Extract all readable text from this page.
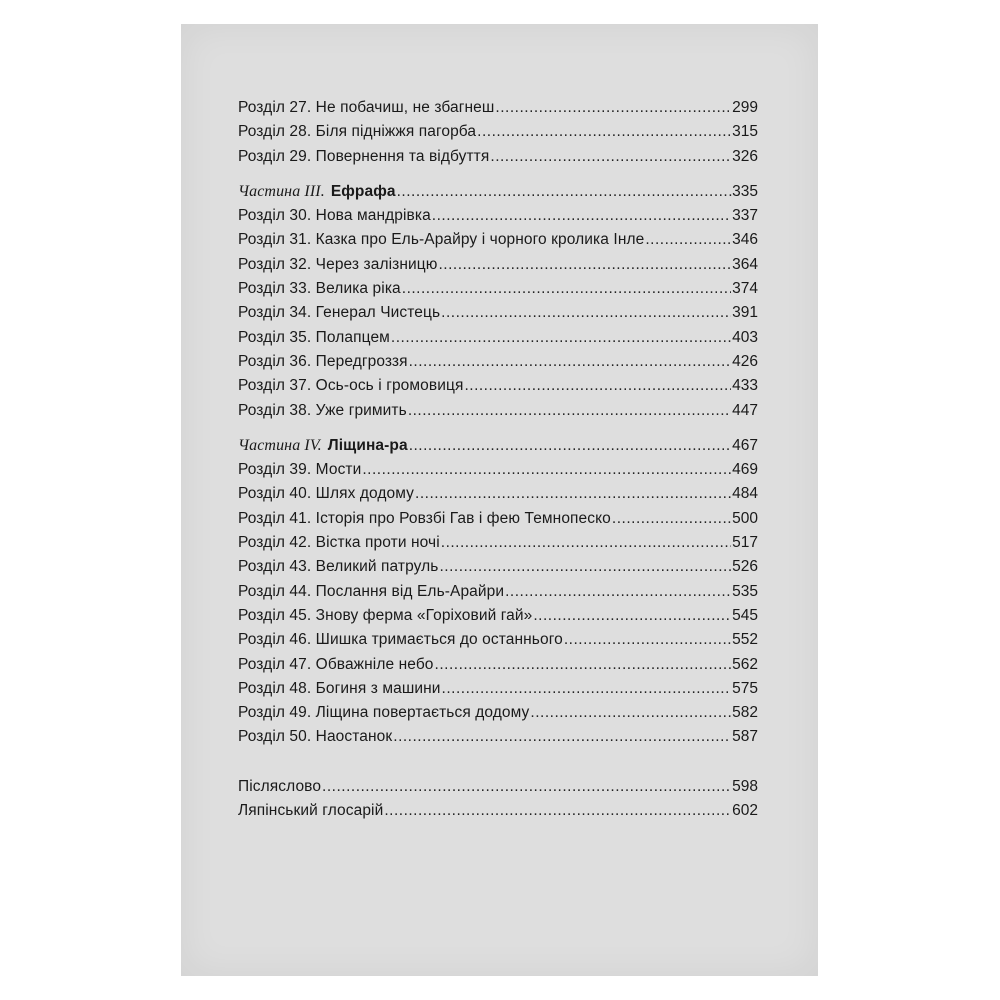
Розділ 27. Не побачиш, не збагнеш .....	299
Розділ 28. Біля підніжжя пагорба .....	315
Розділ 29. Повернення та відбуття .....	326
Частина III. Ефрафа .....	335
Розділ 30. Нова мандрівка .....	337
Розділ 31. Казка про Ель-Арайру і чорного кролика Інле .....	346
Розділ 32. Через залізницю .....	364
Розділ 33. Велика ріка .....	374
Розділ 34. Генерал Чистець .....	391
Розділ 35. Полапцем .....	403
Розділ 36. Передгроззя .....	426
Розділ 37. Ось-ось і громовиця .....	433
Розділ 38. Уже гримить .....	447
Частина IV. Ліщина-ра .....	467
Розділ 39. Мости .....	469
Розділ 40. Шлях додому .....	484
Розділ 41. Історія про Ровзбі Гав і фею Темнопеско .....	500
Розділ 42. Вістка проти ночі .....	517
Розділ 43. Великий патруль .....	526
Розділ 44. Послання від Ель-Арайри .....	535
Розділ 45. Знову ферма «Горіховий гай» .....	545
Розділ 46. Шишка тримається до останнього .....	552
Розділ 47. Обважніле небо .....	562
Розділ 48. Богиня з машини .....	575
Розділ 49. Ліщина повертається додому .....	582
Розділ 50. Наостанок .....	587
Післяслово .....	598
Ляпінський глосарій .....	602
